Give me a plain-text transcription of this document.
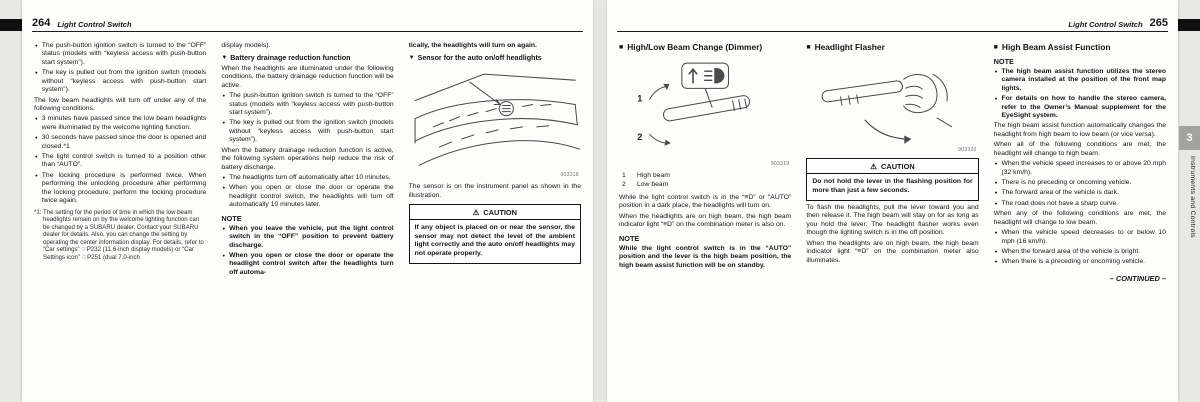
264 Light Control Switch
● The push-button ignition switch is turned to the “OFF” status (models with “keyless access with push-button start system”).
● The key is pulled out from the ignition switch (models without “keyless access with push-button start system”).
The low beam headlights will turn off under any of the following conditions.
● 3 minutes have passed since the low beam headlights were illuminated by the welcome lighting function.
● 30 seconds have passed since the door is opened and closed.*1
● The light control switch is turned to a position other than “AUTO”.
● The locking procedure is performed twice. When performing the unlocking procedure after performing the locking procedure, perform the locking procedure twice again.
*1: The setting for the period of time in which the low beam headlights remain on by the welcome lighting function can be changed by a SUBARU dealer. Contact your SUBARU dealer for details. Also, you can change the setting by operating the center information display. For details, refer to “Car settings” ☞P232 (11.6-inch display models) or “Car Settings icon” ☞P251 (dual 7.0-inch
display models).
▼ Battery drainage reduction function
When the headlights are illuminated under the following conditions, the battery drainage reduction function will be active.
● The push-button ignition switch is turned to the “OFF” status (models with “keyless access with push-button start system”).
● The key is pulled out from the ignition switch (models without “keyless access with push-button start system”).
When the battery drainage reduction function is active, the following system operations help reduce the risk of battery discharge.
● The headlights turn off automatically after 10 minutes.
● When you open or close the door or operate the headlight control switch, the headlights will turn off automatically 10 minutes later.
NOTE
● When you leave the vehicle, put the light control switch in the “OFF” position to prevent battery discharge.
● When you open or close the door or operate the headlight control switch after the headlights turn off automa-
tically, the headlights will turn on again.
▼ Sensor for the auto on/off headlights
903318
The sensor is on the instrument panel as shown in the illustration.
⚠ CAUTION
If any object is placed on or near the sensor, the sensor may not detect the level of the ambient light correctly and the auto on/off headlights may not operate properly.
Light Control Switch 265
■ High/Low Beam Change (Dimmer)
1
2
903319
1	High beam
2	Low beam
While the light control switch is in the “≡D” or “AUTO” position in a dark place, the headlights will turn on.
When the headlights are on high beam, the high beam indicator light “≡D” on the combination meter is also on.
NOTE
While the light control switch is in the “AUTO” position and the lever is the high beam position, the high beam assist function will be on standby.
■ Headlight Flasher
903320
⚠ CAUTION
Do not hold the lever in the flashing position for more than just a few seconds.
To flash the headlights, pull the lever toward you and then release it. The high beam will stay on for as long as you hold the lever. The headlight flasher works even though the lighting switch is in the off position.
When the headlights are on high beam, the high beam indicator light “≡D” on the combination meter also illuminates.
■ High Beam Assist Function
NOTE
● The high beam assist function utilizes the stereo camera installed at the position of the front map lights.
● For details on how to handle the stereo camera, refer to the Owner’s Manual supplement for the EyeSight system.
The high beam assist function automatically changes the headlight from high beam to low beam (or vice versa).
When all of the following conditions are met, the headlight will change to high beam.
● When the vehicle speed increases to or above 20 mph (32 km/h).
● There is no preceding or oncoming vehicle.
● The forward area of the vehicle is dark.
● The road does not have a sharp curve.
When any of the following conditions are met, the headlight will change to low beam.
● When the vehicle speed decreases to or below 10 mph (16 km/h).
● When the forward area of the vehicle is bright.
● When there is a preceding or oncoming vehicle.
– CONTINUED –
3
Instruments and Controls
